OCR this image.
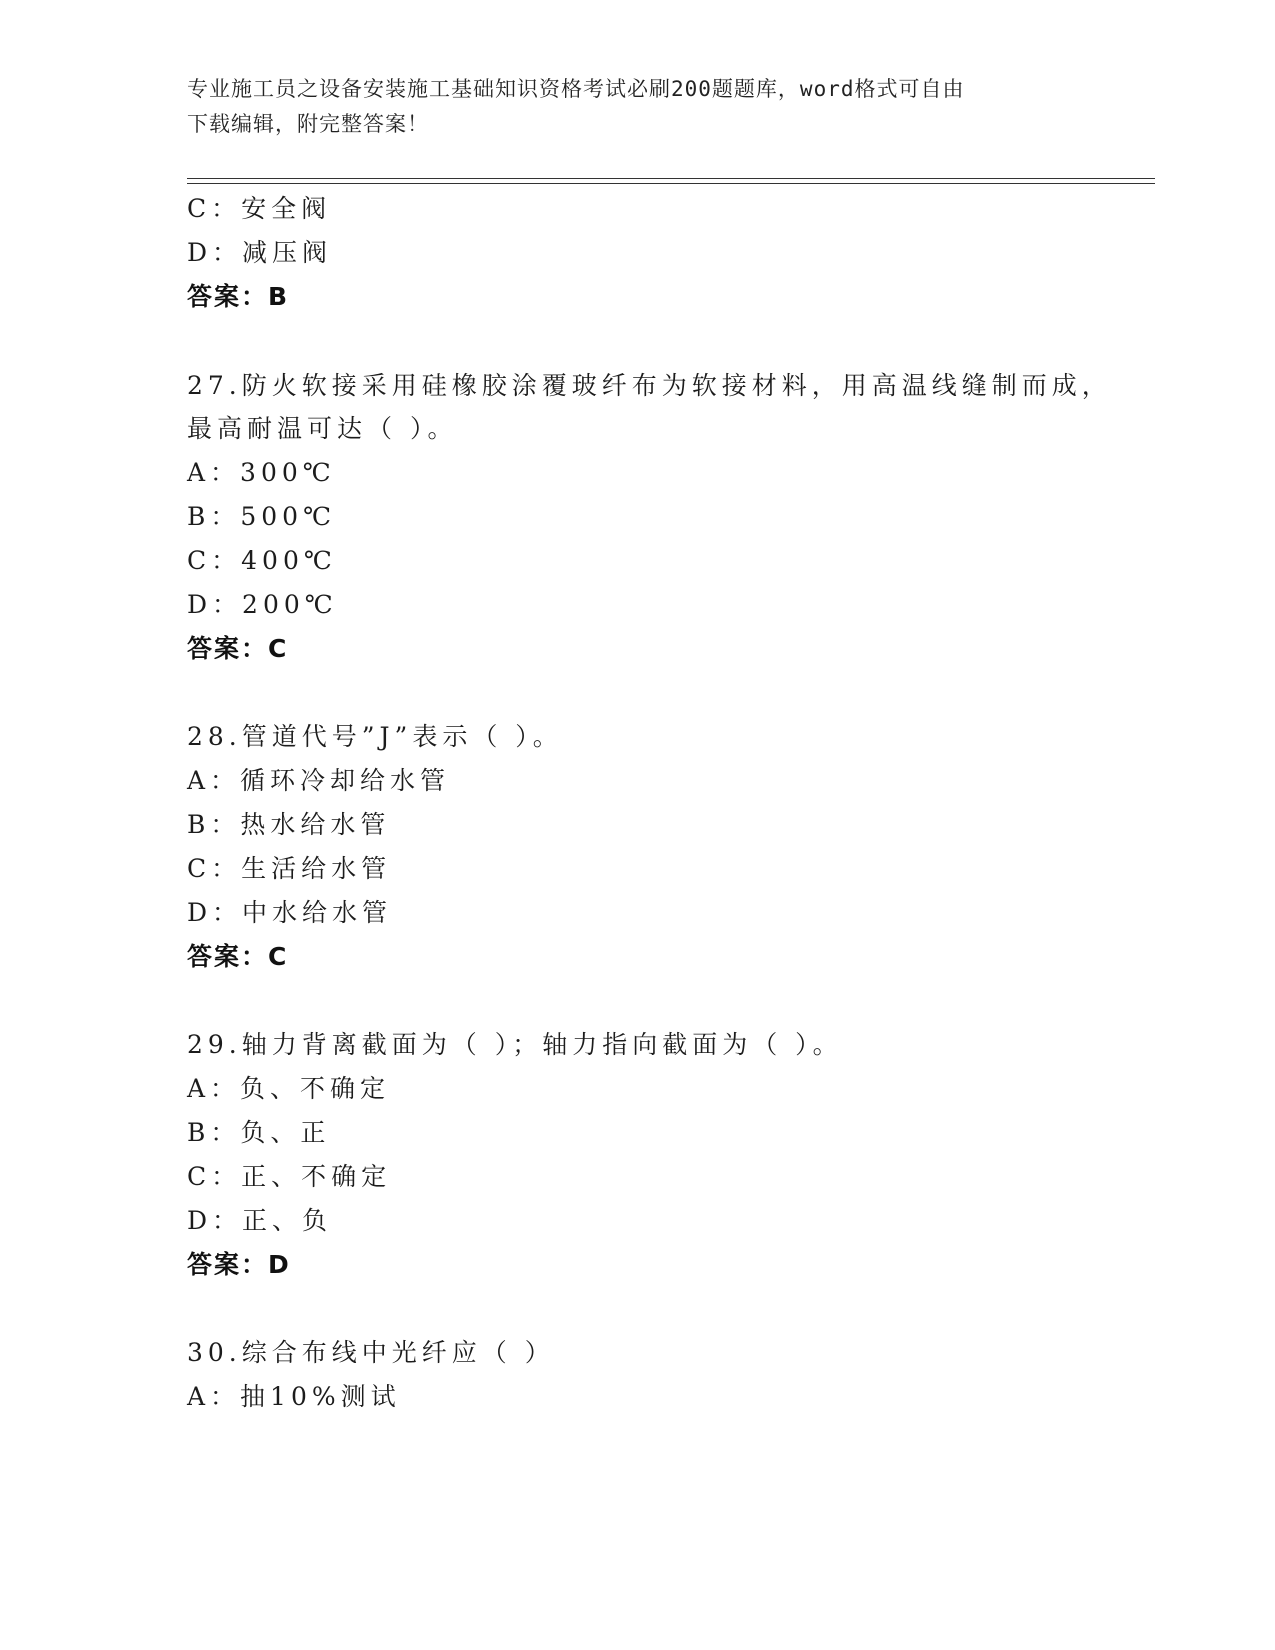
专业施工员之设备安装施工基础知识资格考试必刷200题题库，word格式可自由
下载编辑，附完整答案！
C：安全阀
D：减压阀
答案：B
27.防火软接采用硅橡胶涂覆玻纤布为软接材料，用高温线缝制而成，
最高耐温可达（ ）。
A：300℃
B：500℃
C：400℃
D：200℃
答案：C
28.管道代号”J”表示（ ）。
A：循环冷却给水管
B：热水给水管
C：生活给水管
D：中水给水管
答案：C
29.轴力背离截面为（ ）；轴力指向截面为（ ）。
A：负、不确定
B：负、正
C：正、不确定
D：正、负
答案：D
30.综合布线中光纤应（ ）
A：抽10%测试
